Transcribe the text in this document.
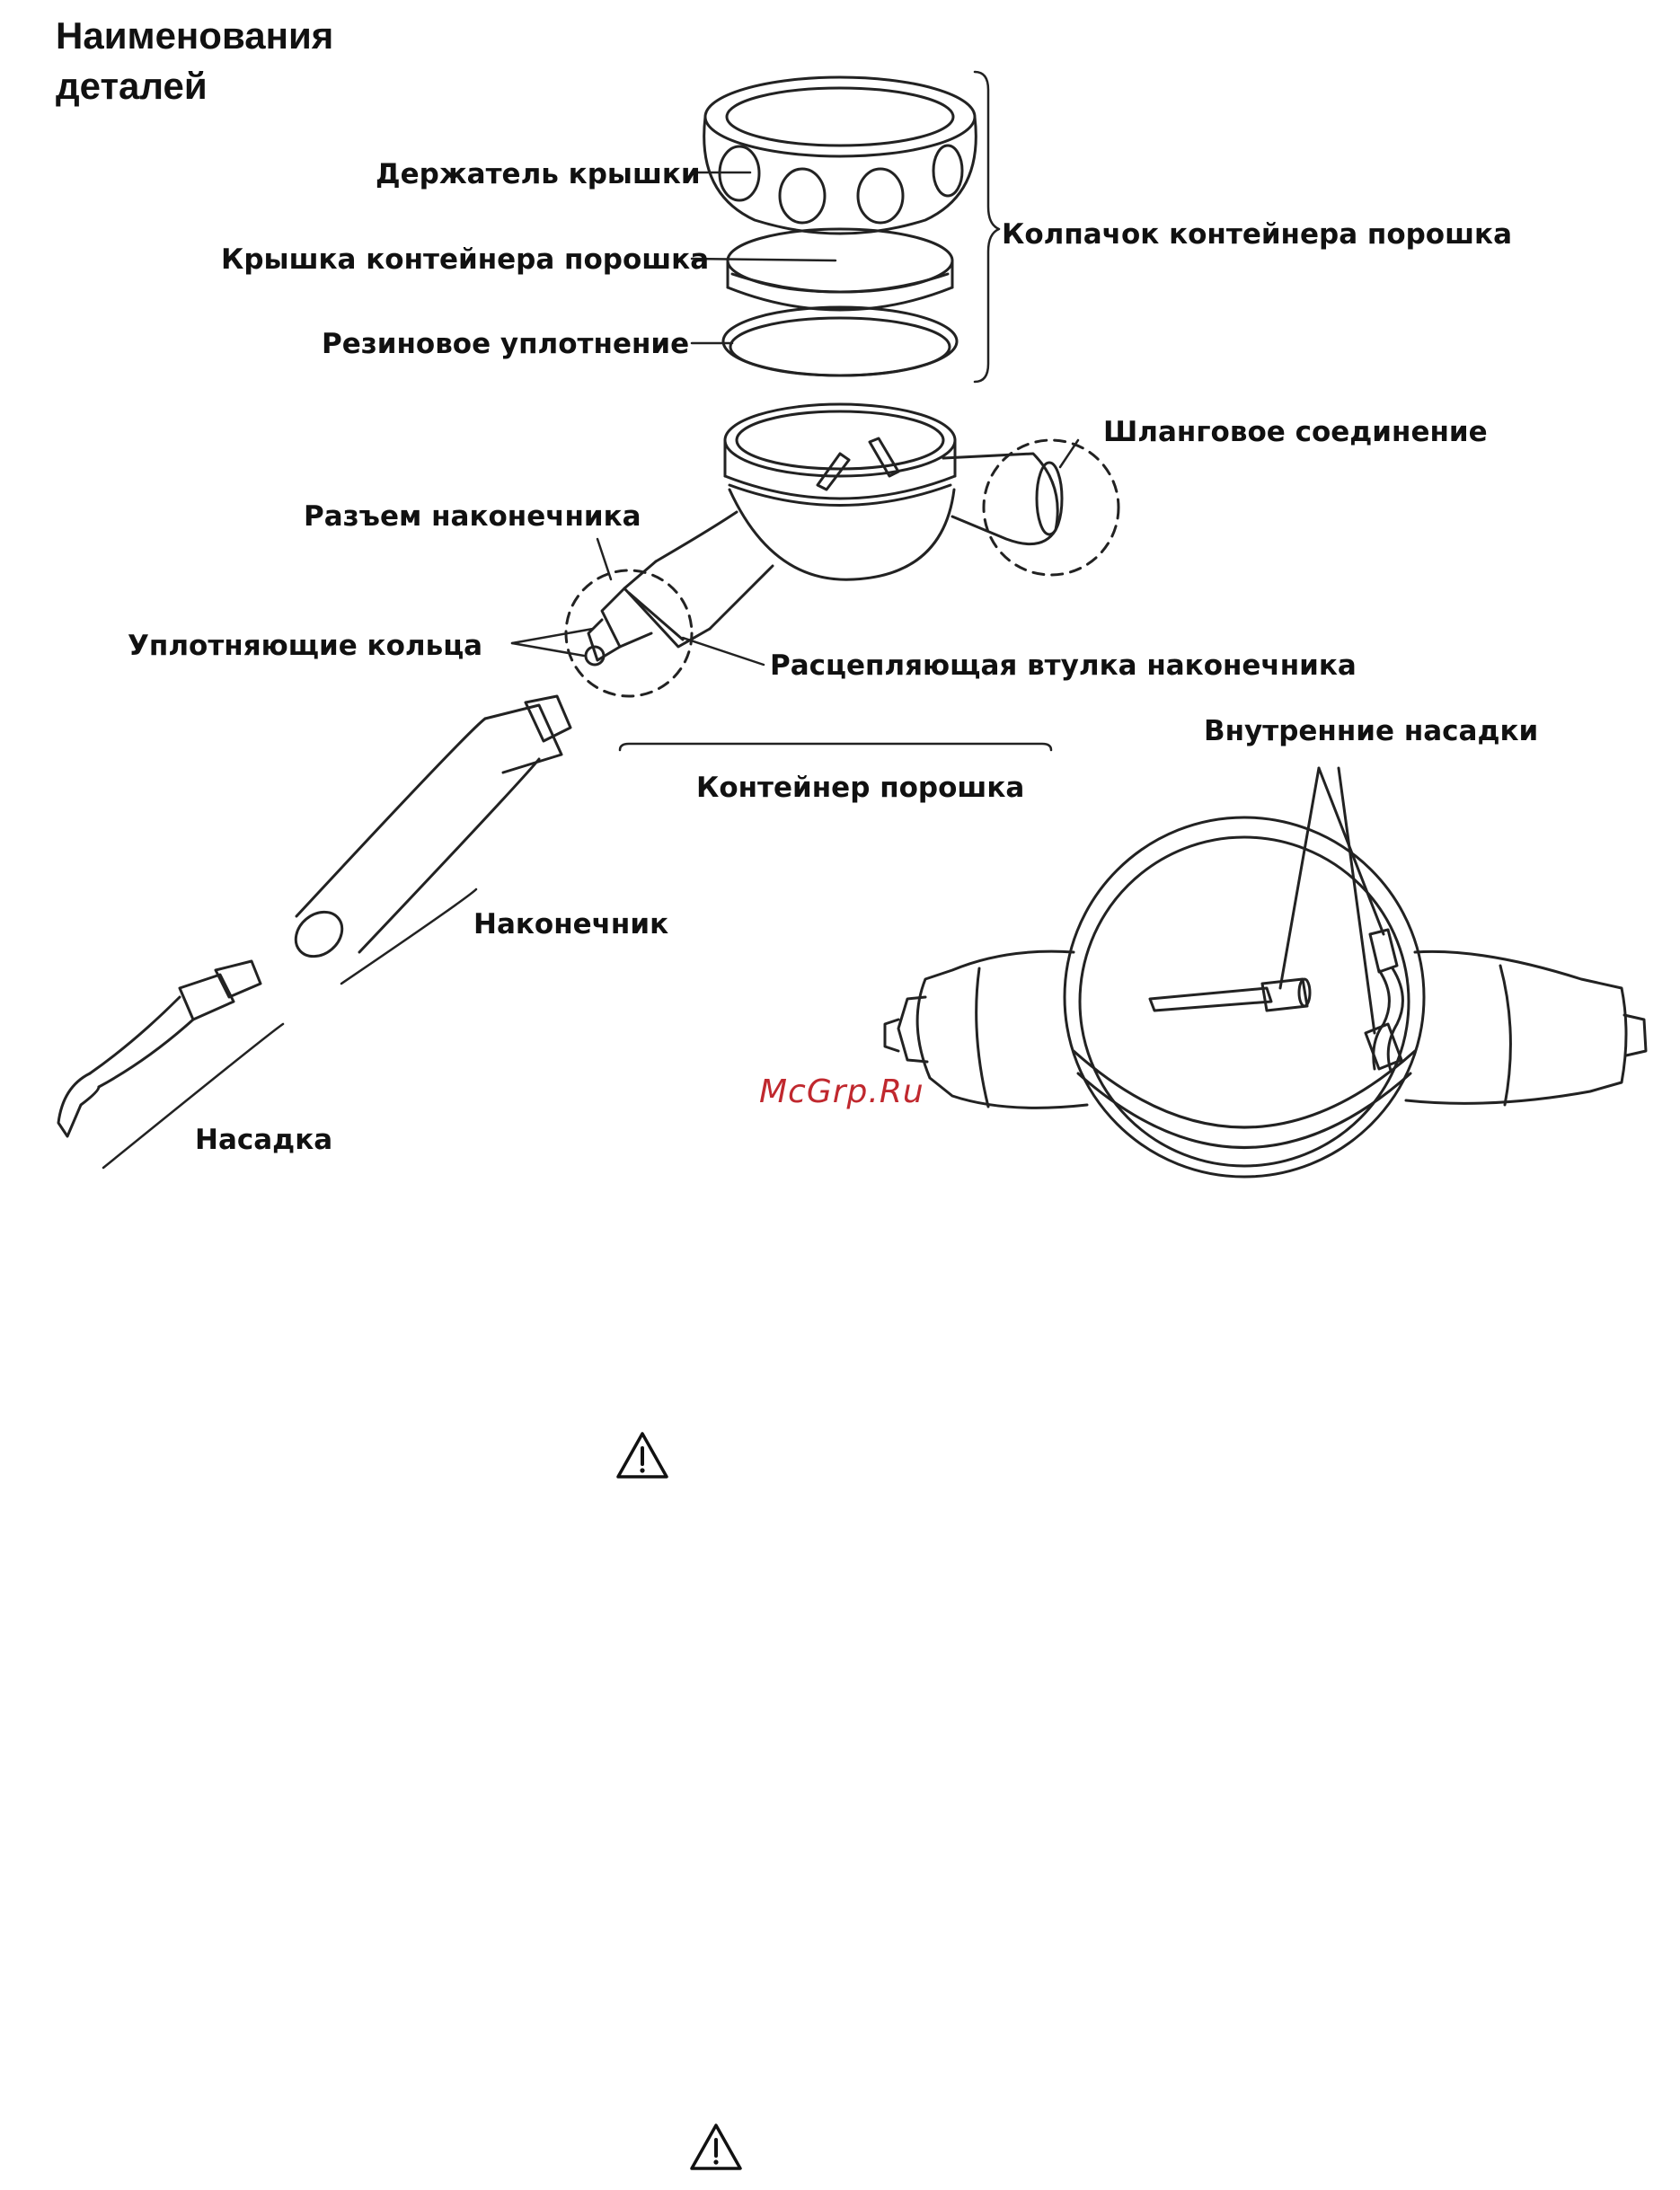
Наименования
деталей
Держатель крышки
Крышка контейнера порошка
Резиновое уплотнение
Колпачок контейнера порошка
Шланговое соединение
Разъем наконечника
Уплотняющие кольца
Расцепляющая втулка наконечника
Внутренние насадки
Контейнер порошка
Наконечник
Насадка
McGrp.Ru
